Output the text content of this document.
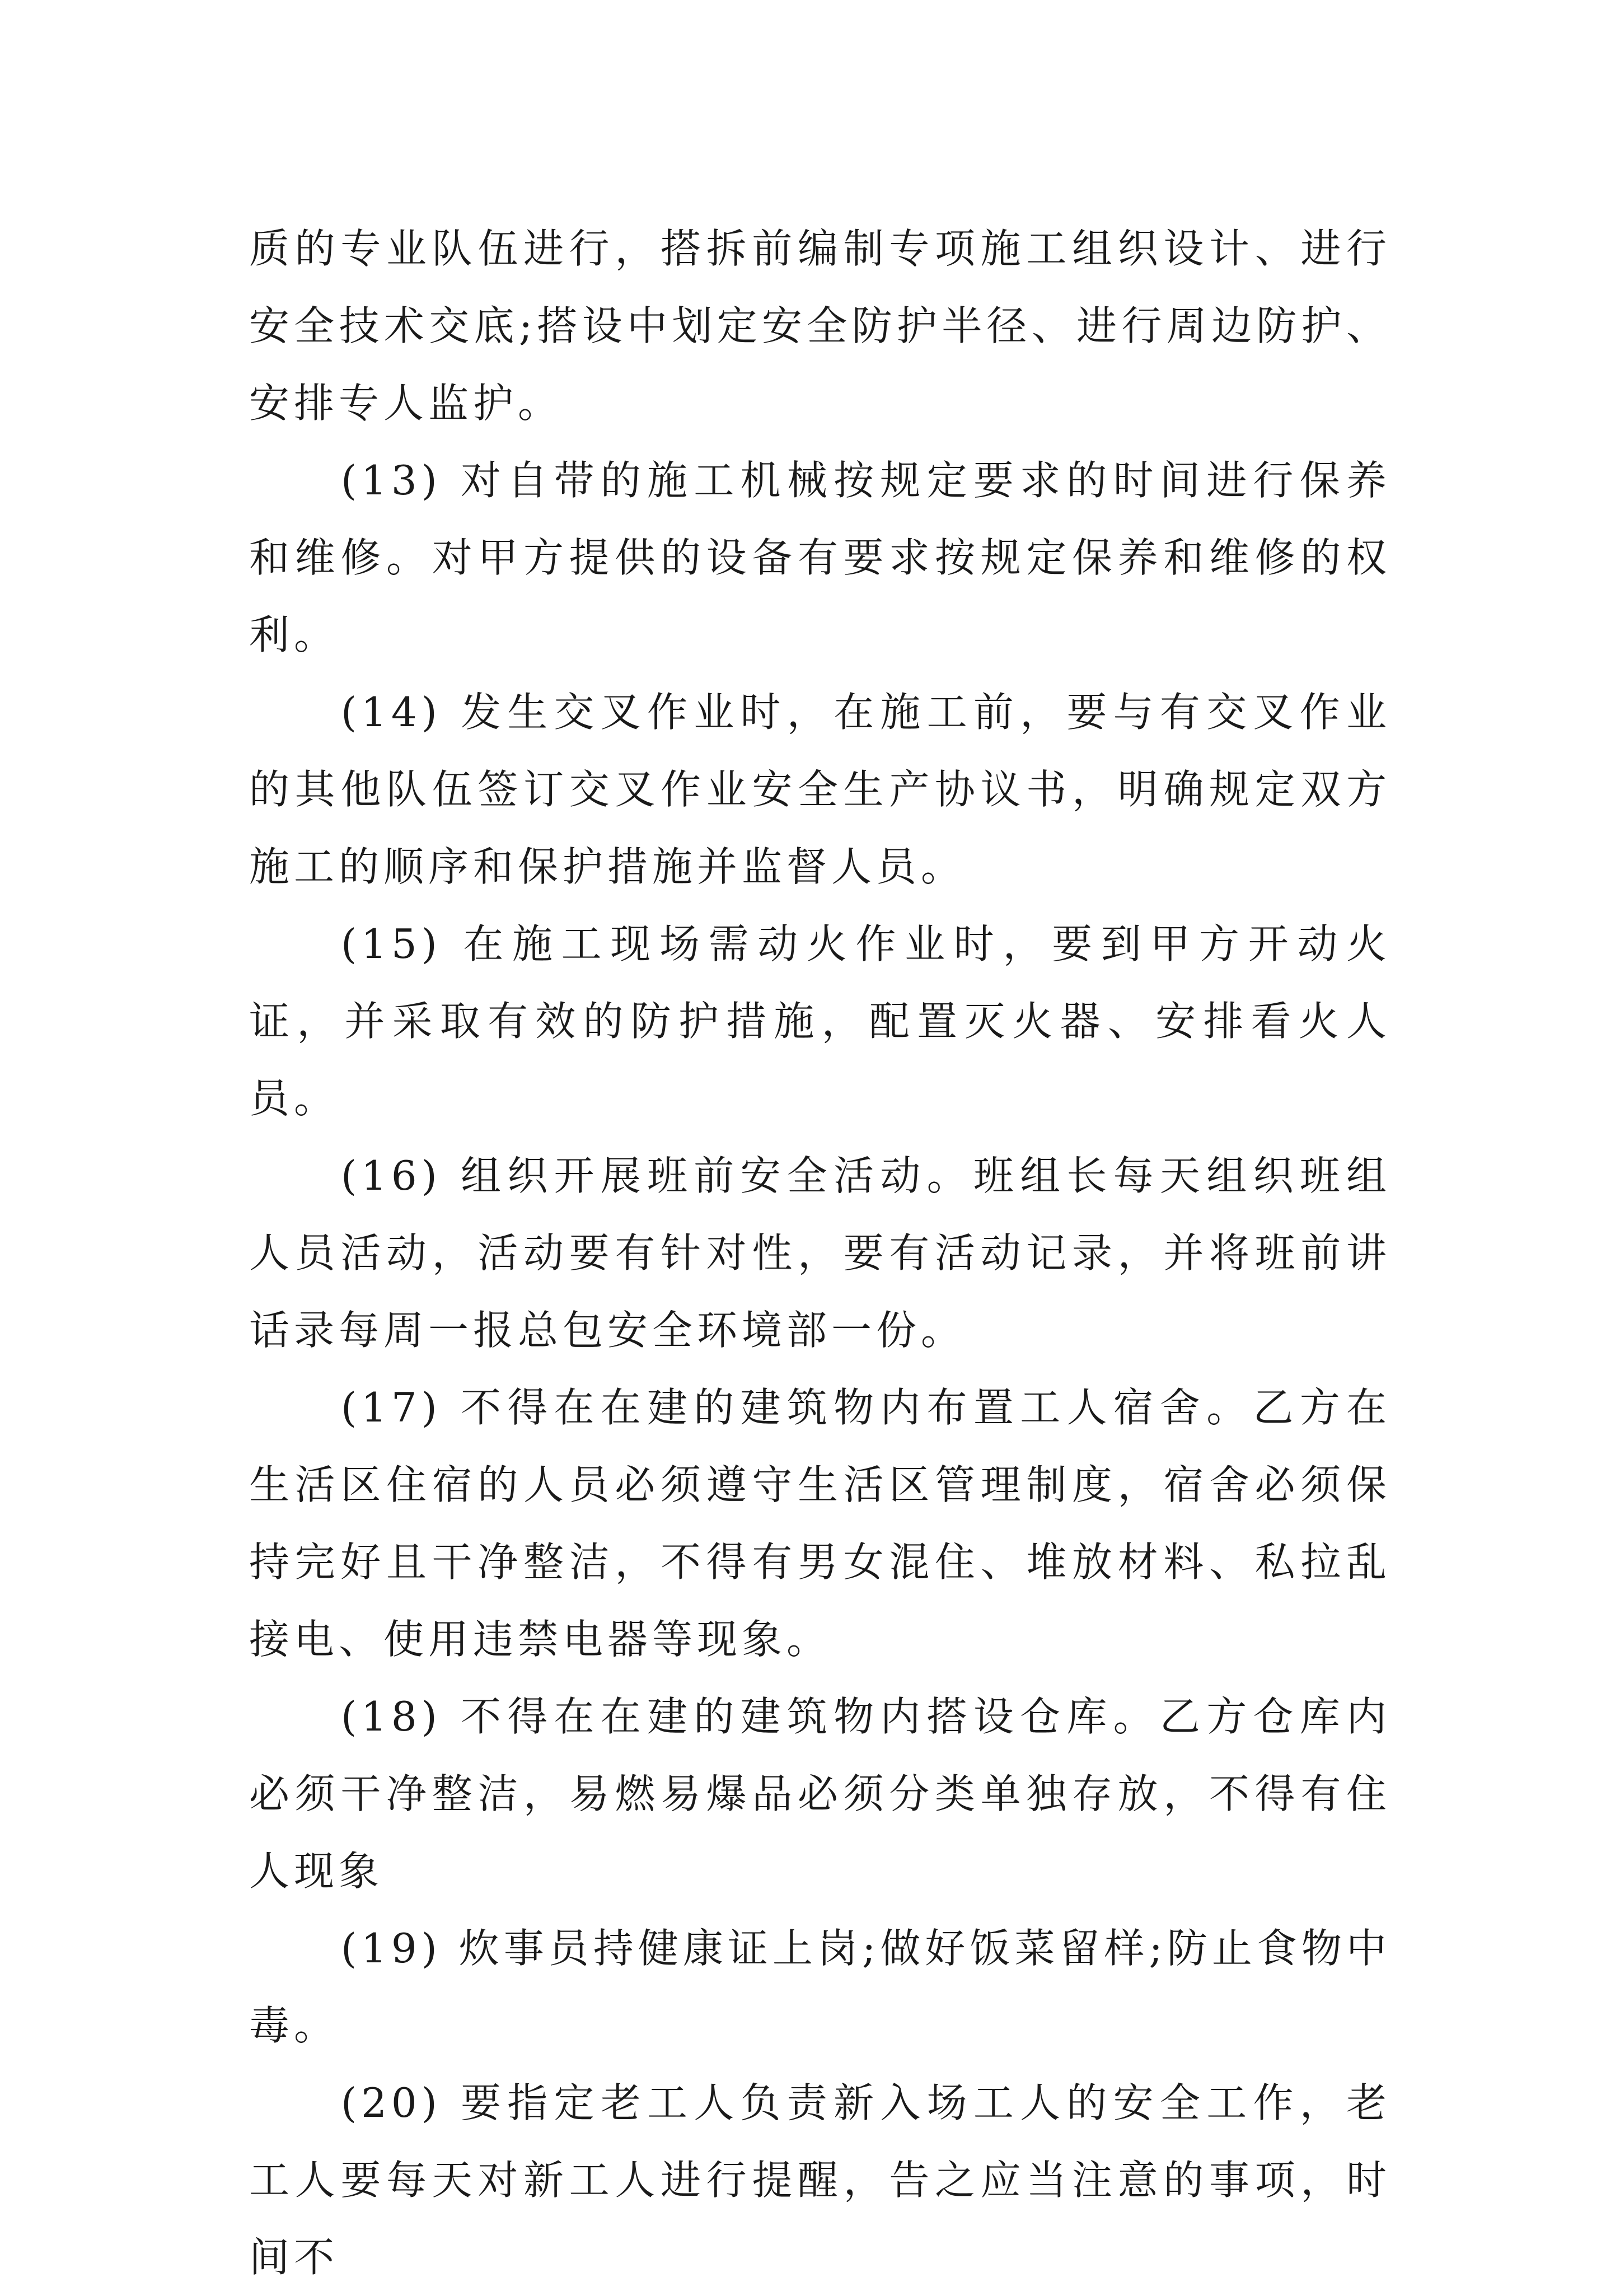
质的专业队伍进行，搭拆前编制专项施工组织设计、进行安全技术交底;搭设中划定安全防护半径、进行周边防护、安排专人监护。

(13) 对自带的施工机械按规定要求的时间进行保养和维修。对甲方提供的设备有要求按规定保养和维修的权利。

(14) 发生交叉作业时，在施工前，要与有交叉作业的其他队伍签订交叉作业安全生产协议书，明确规定双方施工的顺序和保护措施并监督人员。

(15) 在施工现场需动火作业时，要到甲方开动火证，并采取有效的防护措施，配置灭火器、安排看火人员。

(16) 组织开展班前安全活动。班组长每天组织班组人员活动，活动要有针对性，要有活动记录，并将班前讲话录每周一报总包安全环境部一份。

(17) 不得在在建的建筑物内布置工人宿舍。乙方在生活区住宿的人员必须遵守生活区管理制度，宿舍必须保持完好且干净整洁，不得有男女混住、堆放材料、私拉乱接电、使用违禁电器等现象。

(18) 不得在在建的建筑物内搭设仓库。乙方仓库内必须干净整洁，易燃易爆品必须分类单独存放，不得有住人现象

(19) 炊事员持健康证上岗;做好饭菜留样;防止食物中毒。

(20) 要指定老工人负责新入场工人的安全工作，老工人要每天对新工人进行提醒，告之应当注意的事项，时间不
